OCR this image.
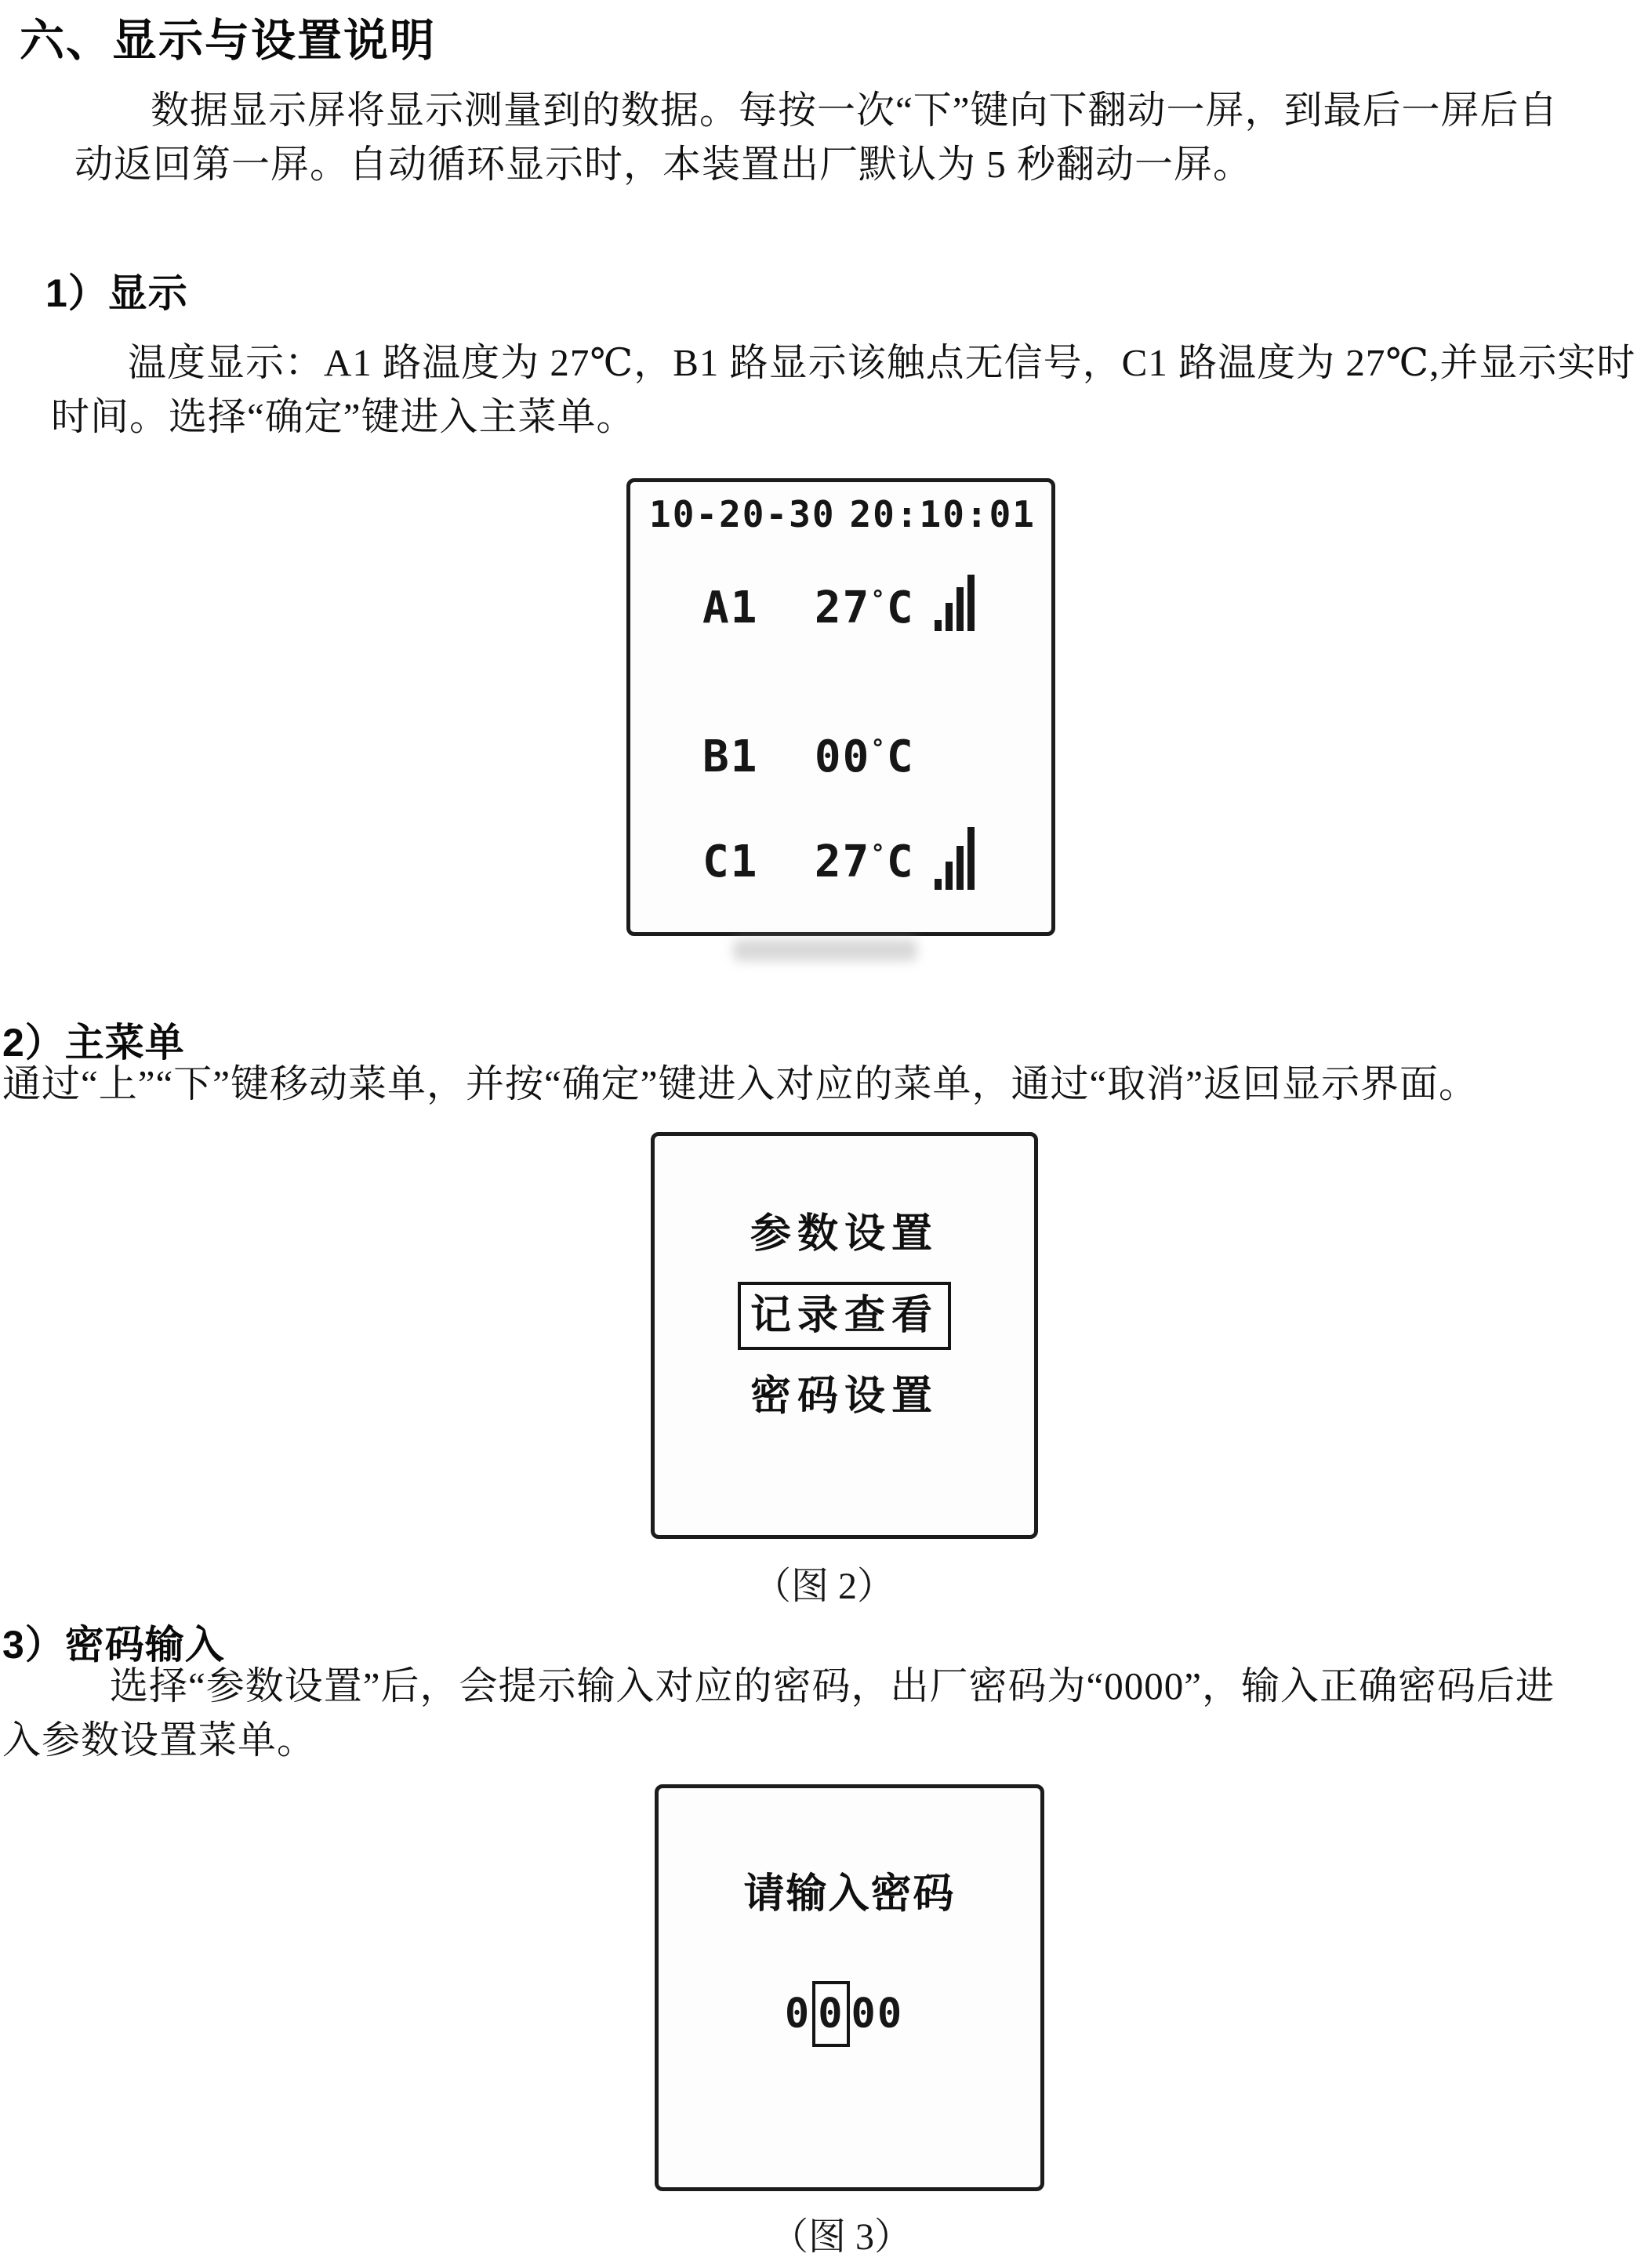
六、显示与设置说明
数据显示屏将显示测量到的数据。每按一次“下”键向下翻动一屏，到最后一屏后自
动返回第一屏。自动循环显示时，本装置出厂默认为 5 秒翻动一屏。
1）显示
温度显示：A1 路温度为 27℃，B1 路显示该触点无信号，C1 路温度为 27℃,并显示实时
时间。选择“确定”键进入主菜单。
10-20-30 20:10:01
A1 27°C
B1 00°C
C1 27°C
2）主菜单
通过“上”“下”键移动菜单，并按“确定”键进入对应的菜单，通过“取消”返回显示界面。
参数设置
记录查看
密码设置
（图 2）
3）密码输入
选择“参数设置”后，会提示输入对应的密码，出厂密码为“0000”，输入正确密码后进
入参数设置菜单。
请输入密码
0 0 0 0
（图 3）
